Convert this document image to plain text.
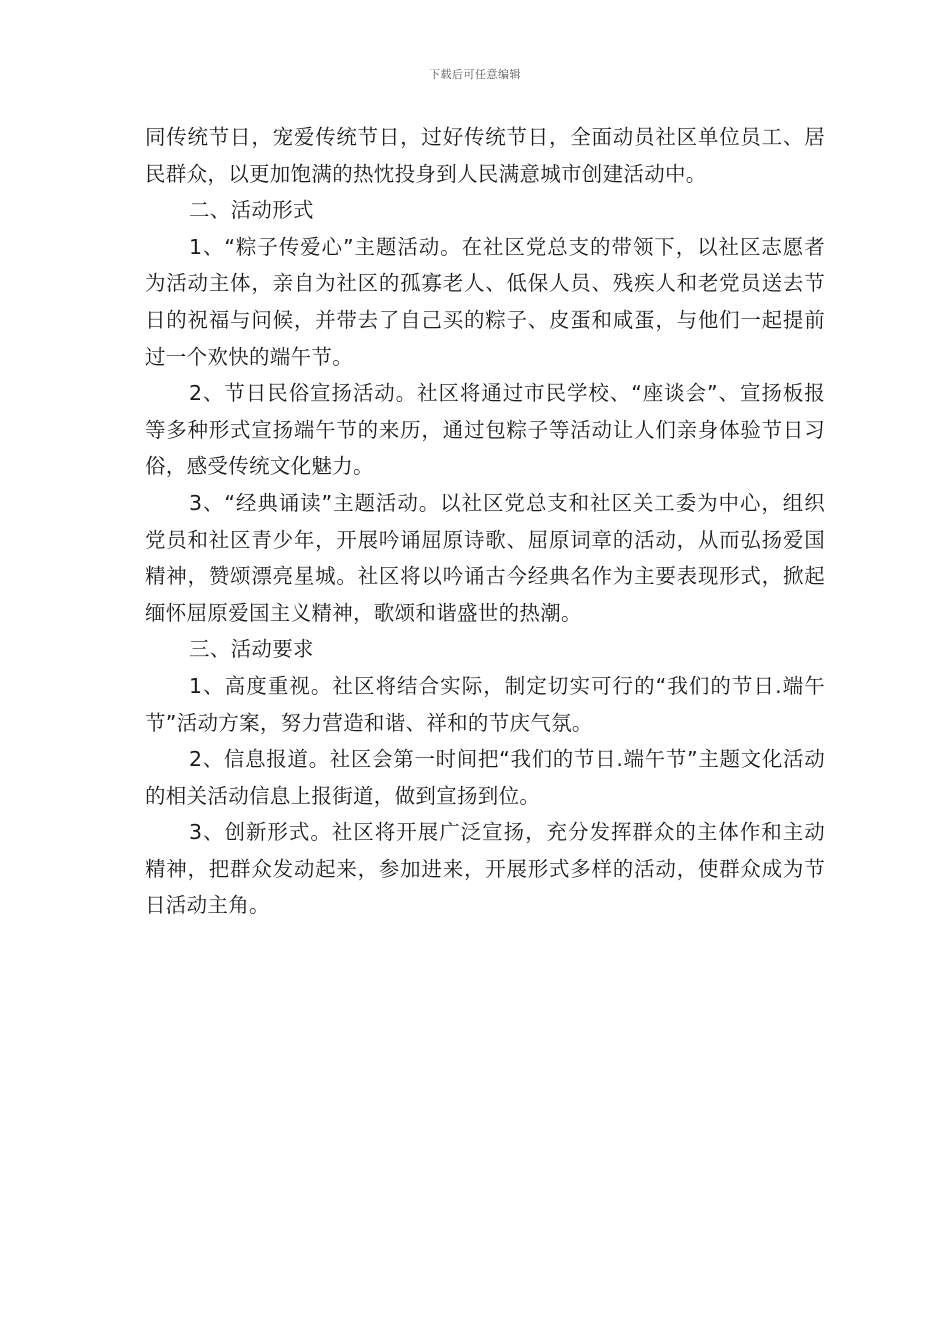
下载后可任意编辑

同传统节日，宠爱传统节日，过好传统节日，全面动员社区单位员工、居民群众，以更加饱满的热忱投身到人民满意城市创建活动中。

二、活动形式

1、“粽子传爱心”主题活动。在社区党总支的带领下，以社区志愿者为活动主体，亲自为社区的孤寡老人、低保人员、残疾人和老党员送去节日的祝福与问候，并带去了自己买的粽子、皮蛋和咸蛋，与他们一起提前过一个欢快的端午节。

2、节日民俗宣扬活动。社区将通过市民学校、“座谈会”、宣扬板报等多种形式宣扬端午节的来历，通过包粽子等活动让人们亲身体验节日习俗，感受传统文化魅力。

3、“经典诵读”主题活动。以社区党总支和社区关工委为中心，组织党员和社区青少年，开展吟诵屈原诗歌、屈原词章的活动，从而弘扬爱国精神，赞颂漂亮星城。社区将以吟诵古今经典名作为主要表现形式，掀起缅怀屈原爱国主义精神，歌颂和谐盛世的热潮。

三、活动要求

1、高度重视。社区将结合实际，制定切实可行的“我们的节日.端午节”活动方案，努力营造和谐、祥和的节庆气氛。

2、信息报道。社区会第一时间把“我们的节日.端午节”主题文化活动的相关活动信息上报街道，做到宣扬到位。

3、创新形式。社区将开展广泛宣扬，充分发挥群众的主体作和主动精神，把群众发动起来，参加进来，开展形式多样的活动，使群众成为节日活动主角。
